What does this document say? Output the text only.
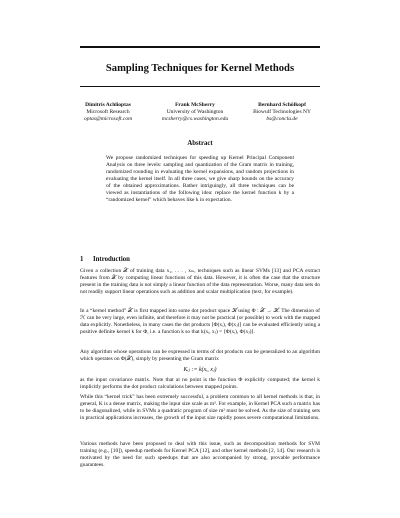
Sampling Techniques for Kernel Methods
Dimitris Achlioptas
Microsoft Research
optas@microsoft.com
Frank McSherry
University of Washington
mcsherry@cs.washington.edu
Bernhard Schölkopf
Biowulf Technologies NY
bs@conclu.de
Abstract
We propose randomized techniques for speeding up Kernel Principal Component Analysis on three levels: sampling and quantization of the Gram matrix in training, randomized rounding in evaluating the kernel expansions, and random projections in evaluating the kernel itself. In all three cases, we give sharp bounds on the accuracy of the obtained approximations. Rather intriguingly, all three techniques can be viewed as instantiations of the following idea: replace the kernel function k by a “randomized kernel” which behaves like k in expectation.
1 Introduction
Given a collection 𝒳 of training data x₁, . . . , xₘ, techniques such as linear SVMs [13] and PCA extract features from 𝒳 by computing linear functions of this data. However, it is often the case that the structure present in the training data is not simply a linear function of the data representation. Worse, many data sets do not readily support linear operations such as addition and scalar multiplication (text, for example).
In a “kernel method” 𝒳 is first mapped into some dot product space ℋ using Φ : 𝒳 → ℋ. The dimension of ℋ can be very large, even infinite, and therefore it may not be practical (or possible) to work with the mapped data explicitly. Nonetheless, in many cases the dot products ⟨Φ(xᵢ), Φ(xⱼ)⟩ can be evaluated efficiently using a positive definite kernel k for Φ, i.e. a function k so that k(xᵢ, xⱼ) = ⟨Φ(xᵢ), Φ(xⱼ)⟩.
Any algorithm whose operations can be expressed in terms of dot products can be generalized to an algorithm which operates on Φ(𝒳), simply by presenting the Gram matrix
Kᵢⱼ := k(xᵢ, xⱼ)
as the input covariance matrix. Note that at no point is the function Φ explicitly computed; the kernel k implicitly performs the dot product calculations between mapped points.
While this “kernel trick” has been extremely successful, a problem common to all kernel methods is that, in general, K is a dense matrix, making the input size scale as m². For example, in Kernel PCA such a matrix has to be diagonalized, while in SVMs a quadratic program of size m² must be solved. As the size of training sets in practical applications increases, the growth of the input size rapidly poses severe computational limitations.
Various methods have been proposed to deal with this issue, such as decomposition methods for SVM training (e.g., [10]), speedup methods for Kernel PCA [12], and other kernel methods [2, 14]. Our research is motivated by the need for such speedups that are also accompanied by strong, provable performance guarantees.
